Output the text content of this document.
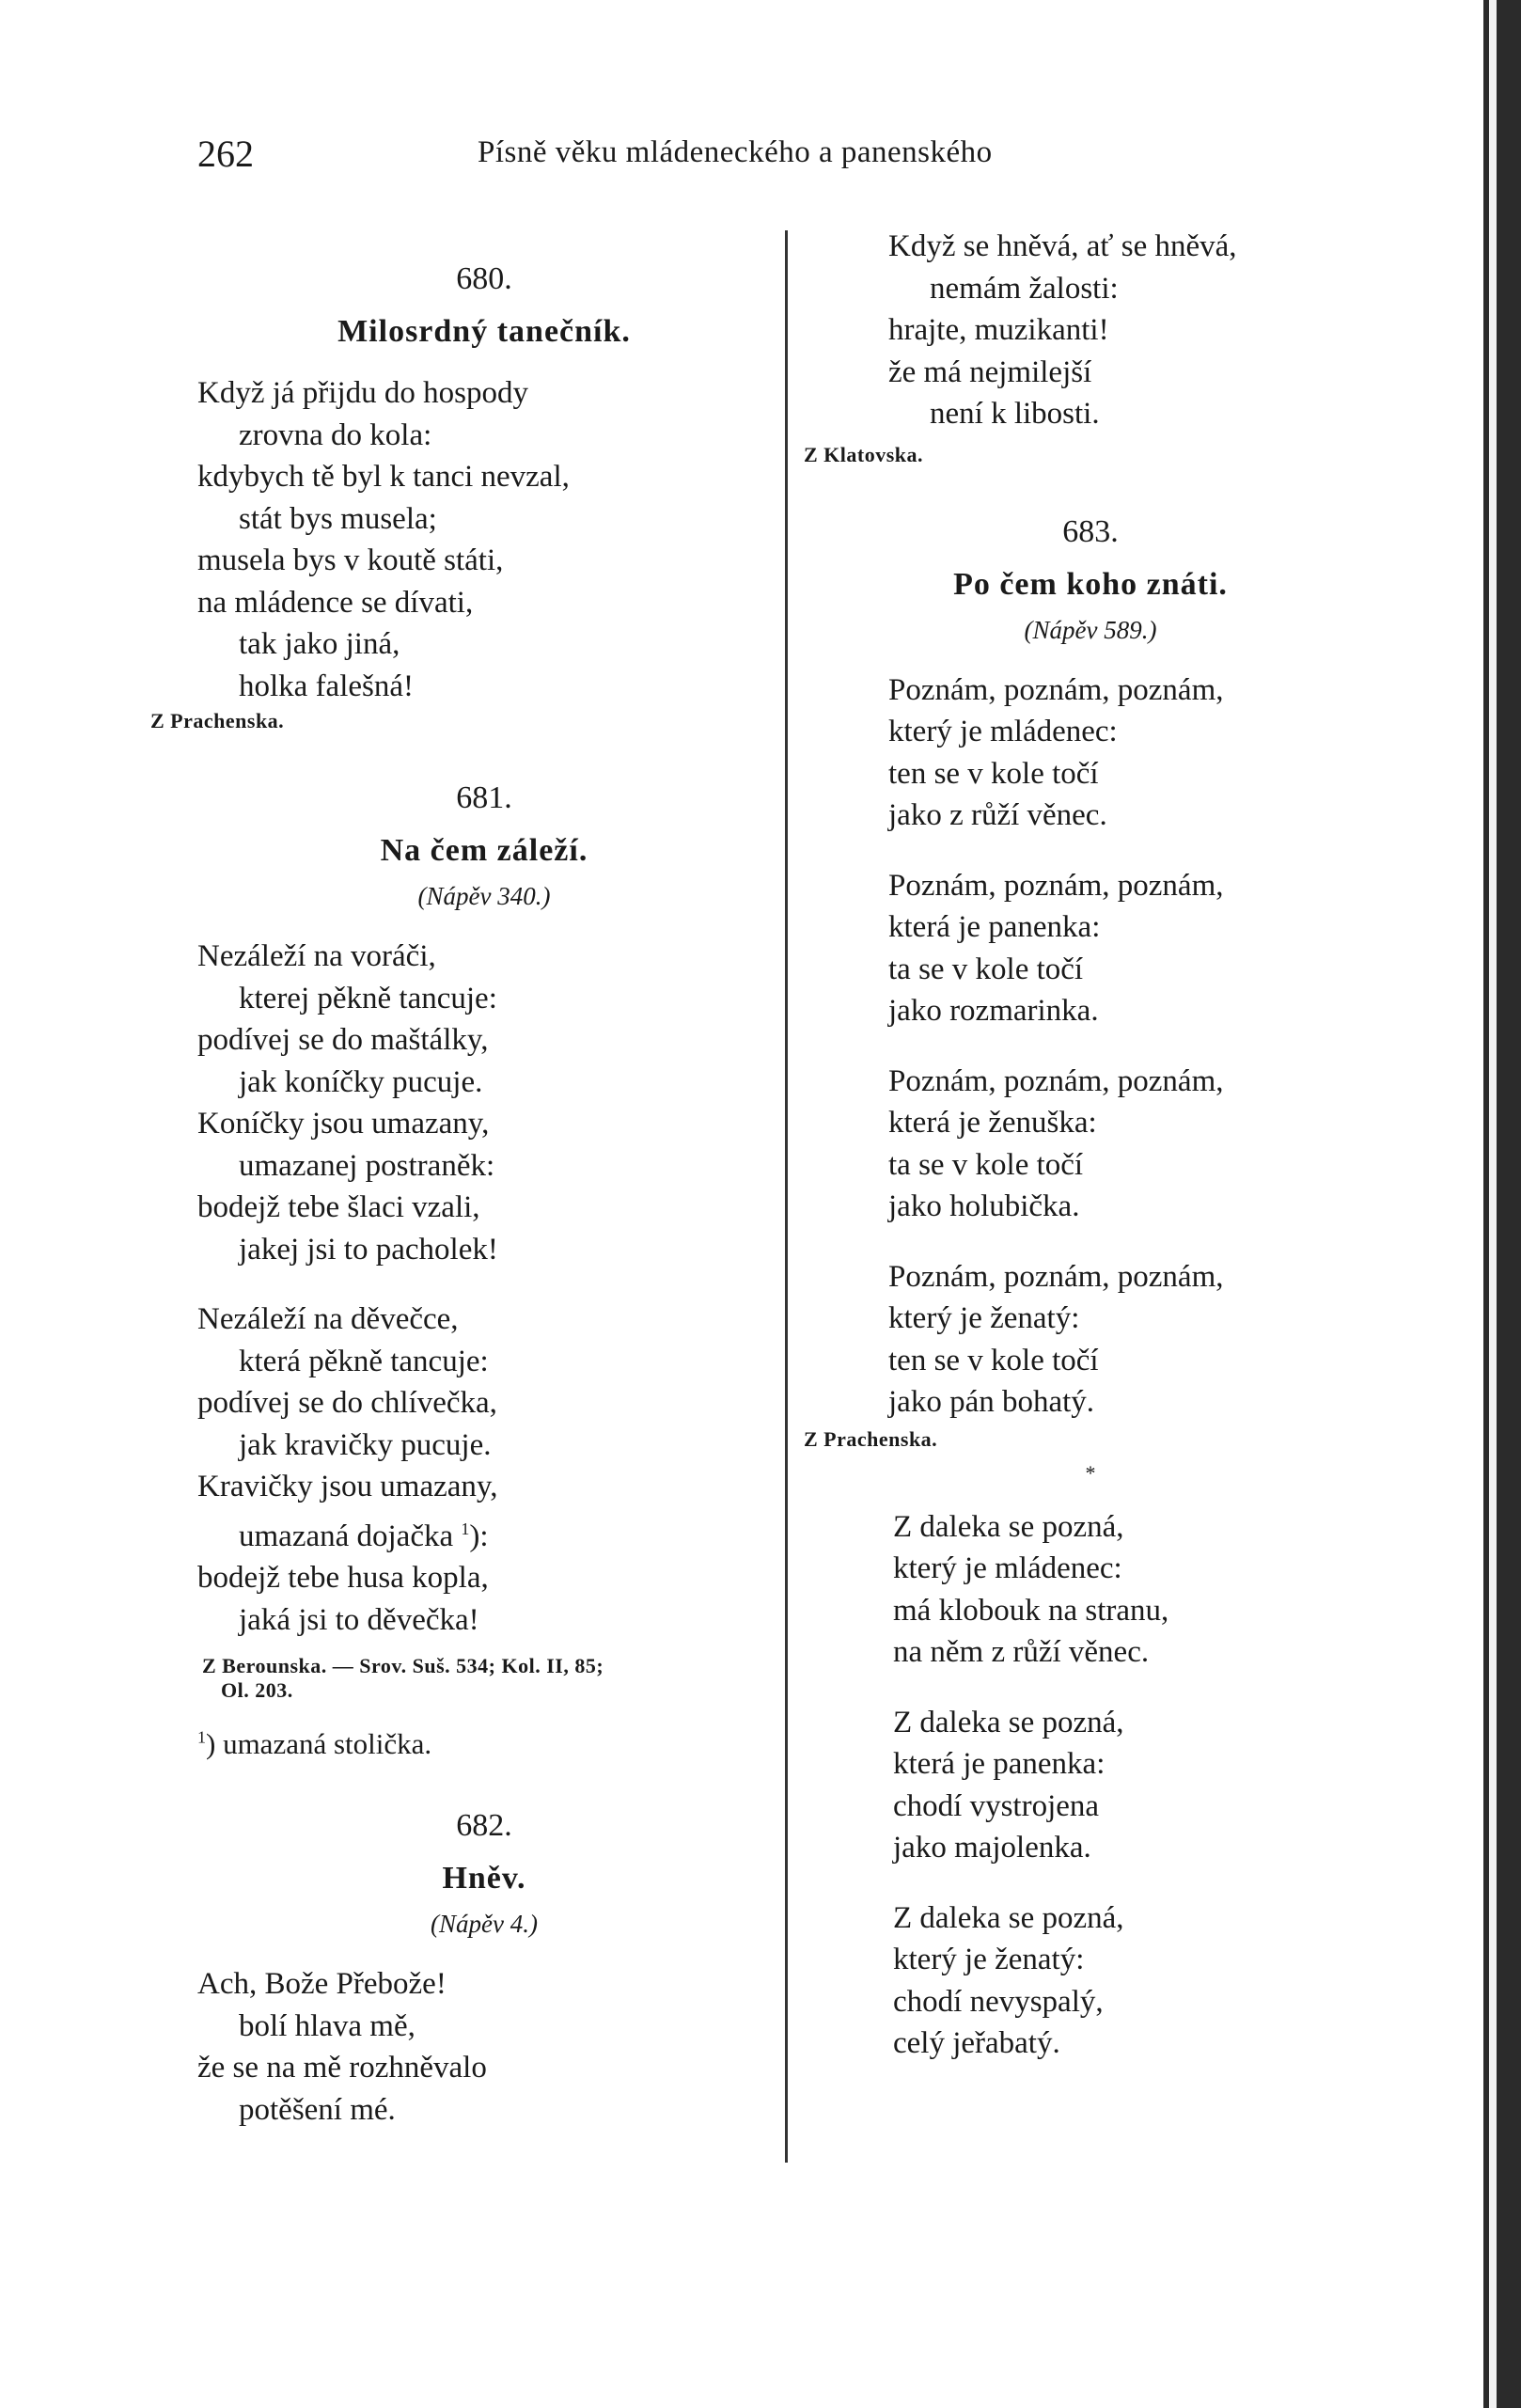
262	Písně věku mládeneckého a panenského
680.
Milosrdný tanečník.
Když já přijdu do hospody
zrovna do kola:
kdybych tě byl k tanci nevzal,
stát bys musela;
musela bys v koutě státi,
na mládence se dívati,
tak jako jiná,
holka falešná!
Z Prachenska.
681.
Na čem záleží.
(Nápěv 340.)
Nezáleží na voráči,
kterej pěkně tancuje:
podívej se do maštálky,
jak koníčky pucuje.
Koníčky jsou umazany,
umazanej postraněk:
bodejž tebe šlaci vzali,
jakej jsi to pacholek!
Nezáleží na děvečce,
která pěkně tancuje:
podívej se do chlívečka,
jak kravičky pucuje.
Kravičky jsou umazany,
umazaná dojačka $^1$):
bodejž tebe husa kopla,
jaká jsi to děvečka!
Z Berounska. — Srov. Suš. 534; Kol. II, 85;
Ol. 203.
$^1$) umazaná stolička.
682.
Hněv.
(Nápěv 4.)
Ach, Bože Přebože!
bolí hlava mě,
že se na mě rozhněvalo
potěšení mé.
Když se hněvá, ať se hněvá,
nemám žalosti:
hrajte, muzikanti!
že má nejmilejší
není k libosti.
Z Klatovska.
683.
Po čem koho znáti.
(Nápěv 589.)
Poznám, poznám, poznám,
který je mládenec:
ten se v kole točí
jako z růží věnec.
Poznám, poznám, poznám,
která je panenka:
ta se v kole točí
jako rozmarinka.
Poznám, poznám, poznám,
která je ženuška:
ta se v kole točí
jako holubička.
Poznám, poznám, poznám,
který je ženatý:
ten se v kole točí
jako pán bohatý.
Z Prachenska.
*
Z daleka se pozná,
který je mládenec:
má klobouk na stranu,
na něm z růží věnec.
Z daleka se pozná,
která je panenka:
chodí vystrojena
jako majolenka.
Z daleka se pozná,
který je ženatý:
chodí nevyspalý,
celý jeřabatý.
